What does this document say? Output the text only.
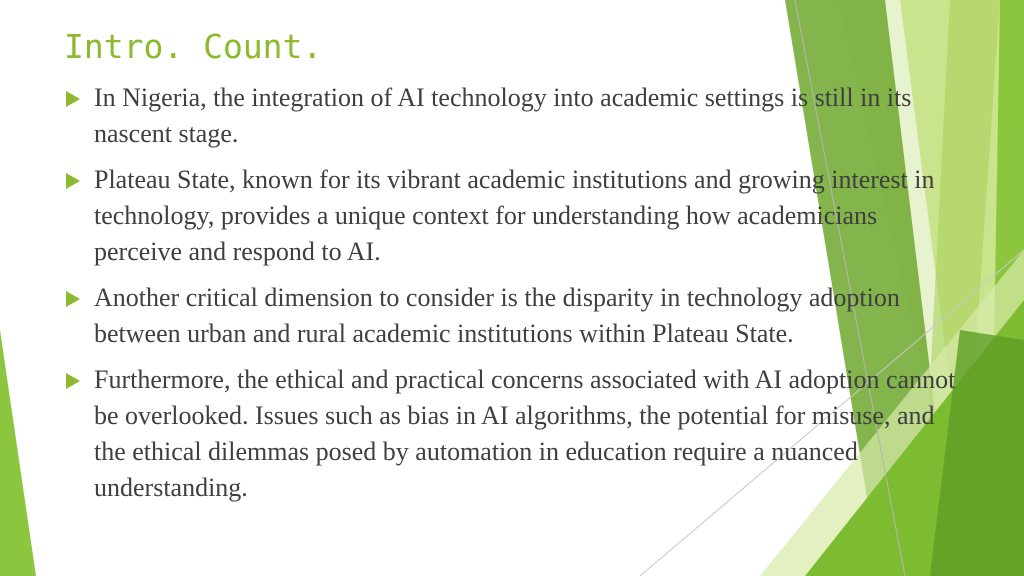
Intro. Count.
In Nigeria, the integration of AI technology into academic settings is still in its nascent stage.
Plateau State, known for its vibrant academic institutions and growing interest in technology, provides a unique context for understanding how academicians perceive and respond to AI.
Another critical dimension to consider is the disparity in technology adoption between urban and rural academic institutions within Plateau State.
Furthermore, the ethical and practical concerns associated with AI adoption cannot be overlooked. Issues such as bias in AI algorithms, the potential for misuse, and the ethical dilemmas posed by automation in education require a nuanced understanding.
